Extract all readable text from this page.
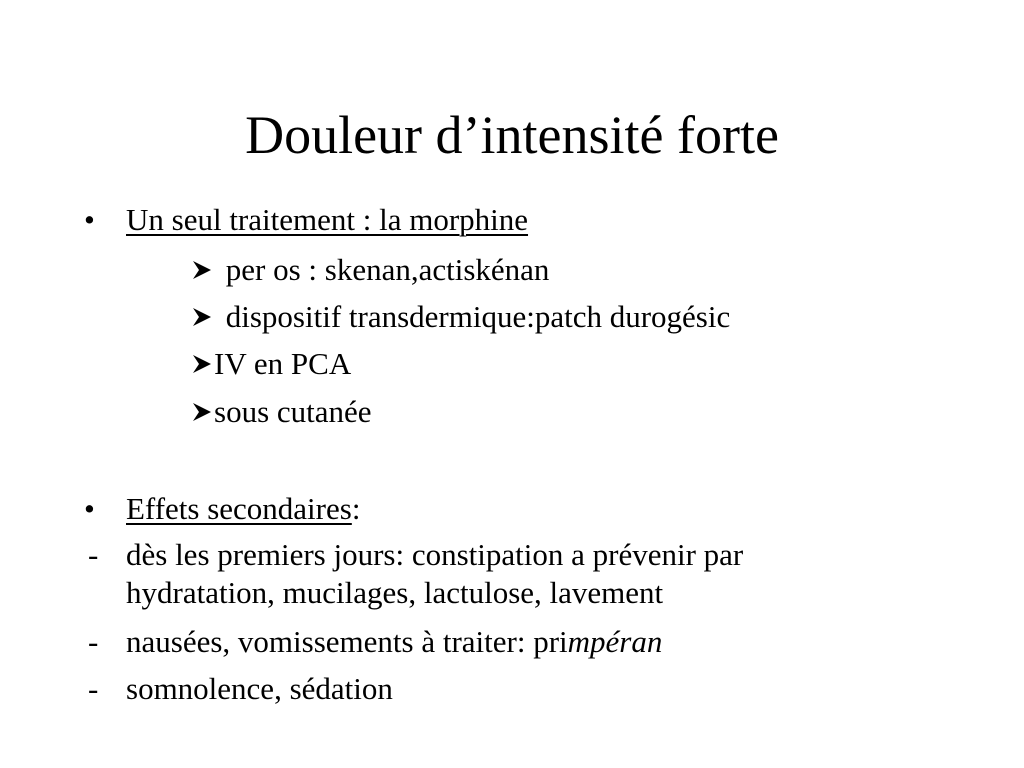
Douleur d’intensité forte
• Un seul traitement : la morphine
per os : skenan,actiskénan
dispositif transdermique:patch durogésic
IV en PCA
sous cutanée
• Effets secondaires:
- dès les premiers jours: constipation a prévenir par
hydratation, mucilages, lactulose, lavement
- nausées, vomissements à traiter: primpéran
- somnolence, sédation
